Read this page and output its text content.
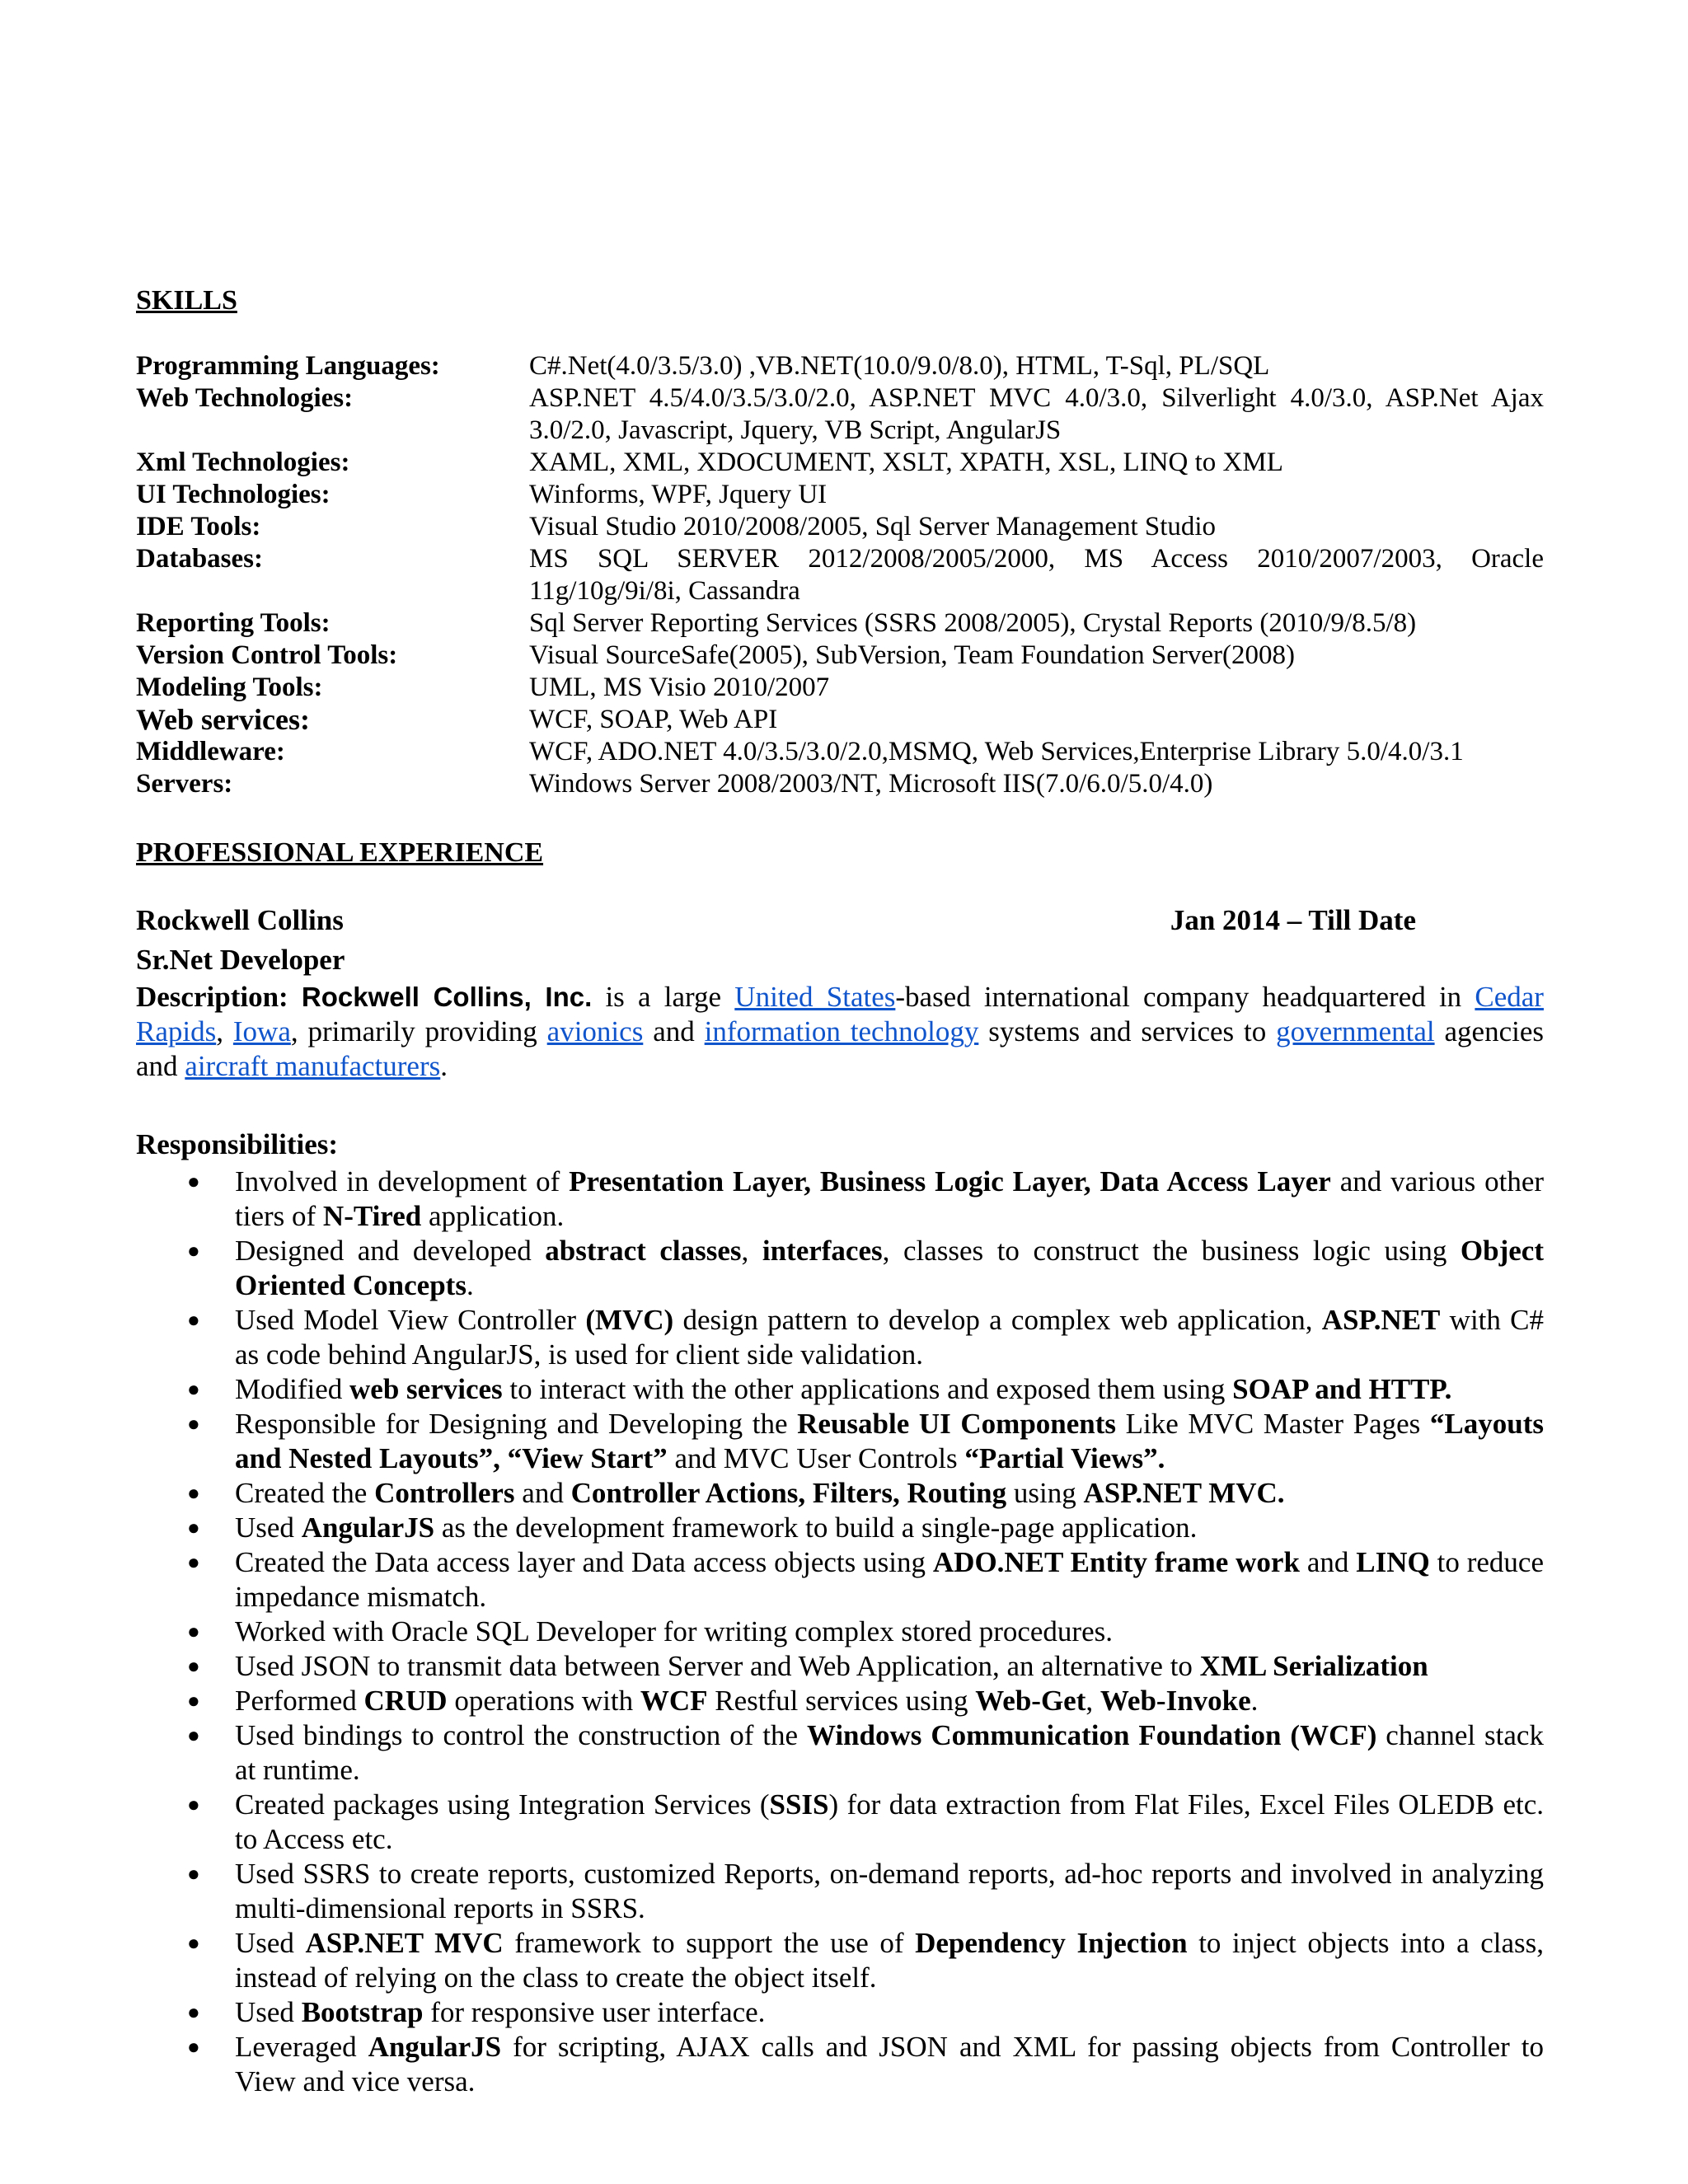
SKILLS

Programming Languages:	C#.Net(4.0/3.5/3.0) ,VB.NET(10.0/9.0/8.0), HTML, T-Sql, PL/SQL
Web Technologies:	ASP.NET 4.5/4.0/3.5/3.0/2.0, ASP.NET MVC 4.0/3.0, Silverlight 4.0/3.0, ASP.Net Ajax 3.0/2.0, Javascript, Jquery, VB Script, AngularJS
Xml Technologies:	XAML, XML, XDOCUMENT, XSLT, XPATH, XSL, LINQ to XML
UI Technologies:	Winforms, WPF, Jquery UI
IDE Tools:	Visual Studio 2010/2008/2005, Sql Server Management Studio
Databases:	MS SQL SERVER 2012/2008/2005/2000, MS Access 2010/2007/2003, Oracle 11g/10g/9i/8i, Cassandra
Reporting Tools:	Sql Server Reporting Services (SSRS 2008/2005), Crystal Reports (2010/9/8.5/8)
Version Control Tools:	Visual SourceSafe(2005), SubVersion, Team Foundation Server(2008)
Modeling Tools:	UML, MS Visio 2010/2007
Web services:	WCF, SOAP, Web API
Middleware:	WCF, ADO.NET 4.0/3.5/3.0/2.0,MSMQ, Web Services,Enterprise Library 5.0/4.0/3.1
Servers:	Windows Server 2008/2003/NT, Microsoft IIS(7.0/6.0/5.0/4.0)

PROFESSIONAL EXPERIENCE

Rockwell Collins	Jan 2014 – Till Date
Sr.Net Developer
Description: Rockwell Collins, Inc. is a large United States-based international company headquartered in Cedar Rapids, Iowa, primarily providing avionics and information technology systems and services to governmental agencies and aircraft manufacturers.
Responsibilities:
● Involved in development of Presentation Layer, Business Logic Layer, Data Access Layer and various other tiers of N-Tired application.
● Designed and developed abstract classes, interfaces, classes to construct the business logic using Object Oriented Concepts.
● Used Model View Controller (MVC) design pattern to develop a complex web application, ASP.NET with C# as code behind AngularJS, is used for client side validation.
● Modified web services to interact with the other applications and exposed them using SOAP and HTTP.
● Responsible for Designing and Developing the Reusable UI Components Like MVC Master Pages “Layouts and Nested Layouts”, “View Start” and MVC User Controls “Partial Views”.
● Created the Controllers and Controller Actions, Filters, Routing using ASP.NET MVC.
● Used AngularJS as the development framework to build a single-page application.
● Created the Data access layer and Data access objects using ADO.NET Entity frame work and LINQ to reduce impedance mismatch.
● Worked with Oracle SQL Developer for writing complex stored procedures.
● Used JSON to transmit data between Server and Web Application, an alternative to XML Serialization
● Performed CRUD operations with WCF Restful services using Web-Get, Web-Invoke.
● Used bindings to control the construction of the Windows Communication Foundation (WCF) channel stack at runtime.
● Created packages using Integration Services (SSIS) for data extraction from Flat Files, Excel Files OLEDB etc. to Access etc.
● Used SSRS to create reports, customized Reports, on-demand reports, ad-hoc reports and involved in analyzing multi-dimensional reports in SSRS.
● Used ASP.NET MVC framework to support the use of Dependency Injection to inject objects into a class, instead of relying on the class to create the object itself.
● Used Bootstrap for responsive user interface.
● Leveraged AngularJS for scripting, AJAX calls and JSON and XML for passing objects from Controller to View and vice versa.
